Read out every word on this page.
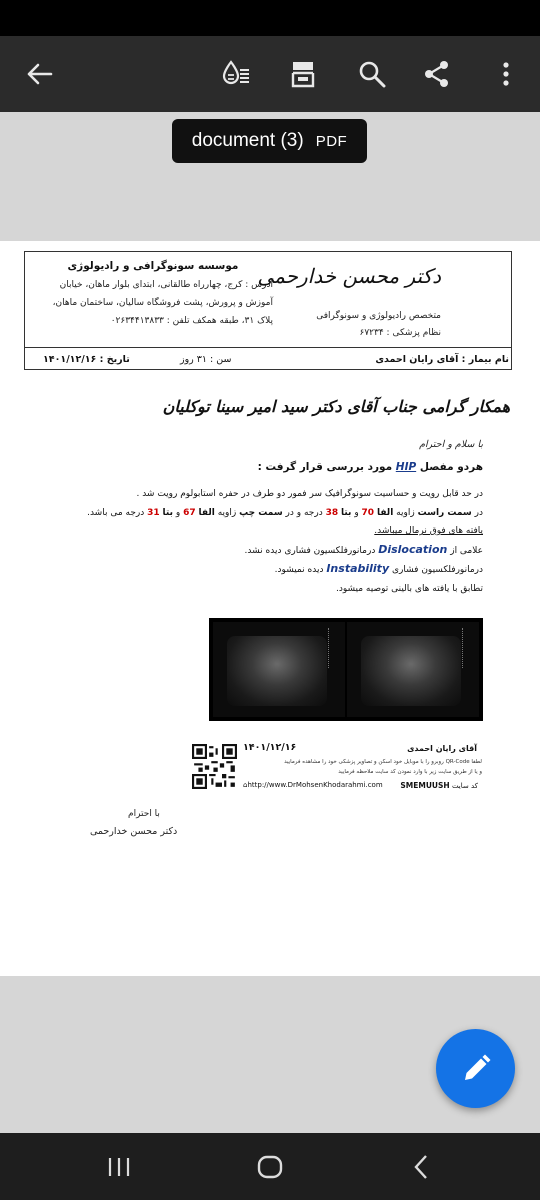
document (3) PDF
موسسه سونوگرافی و رادیولوژی
آدرس : کرج، چهارراه طالقانی، ابتدای بلوار ماهان، خیابان
آموزش و پرورش، پشت فروشگاه سالیان، ساختمان ماهان،
پلاک ۳۱، طبقه همکف تلفن : ۰۲۶۳۴۴۱۳۸۳۳
دکتر محسن خدارحمی
متخصص رادیولوژی و سونوگرافی
نظام پزشکی : ۶۷۲۳۴
نام بیمار : آقای رایان احمدی
سن : ۳۱ روز
تاریخ : ۱۴۰۱/۱۲/۱۶
همکار گرامی جناب آقای دکتر سید امیر سینا توکلیان
با سلام و احترام
هردو مفصل HIP مورد بررسی قرار گرفت :
در حد قابل رویت و حساسیت سونوگرافیک سر فمور دو طرف در حفره استابولوم رویت شد .
در سمت راست زاویه الفا 70 و بتا 38 درجه و در سمت چپ زاویه الفا 67 و بتا 31 درجه می باشد.
یافته های فوق نرمال میباشد.
علامی از Dislocation درمانورفلکسیون فشاری دیده نشد.
درمانورفلکسیون فشاری Instability دیده نمیشود.
تطابق با یافته های بالینی توصیه میشود.
۱۴۰۱/۱۲/۱۶	آقای رایان احمدی
لطفا QR-Code روبرو را با موبایل خود اسکن و تصاویر پزشکی خود را مشاهده فرمایید
و یا از طریق سایت زیر با وارد نمودن کد سایت ملاحظه فرمایید
⌂ http://www.DrMohsenKhodarahmi.com	کد سایت SMEMUUSH
با احترام
دکتر محسن خدارحمی
